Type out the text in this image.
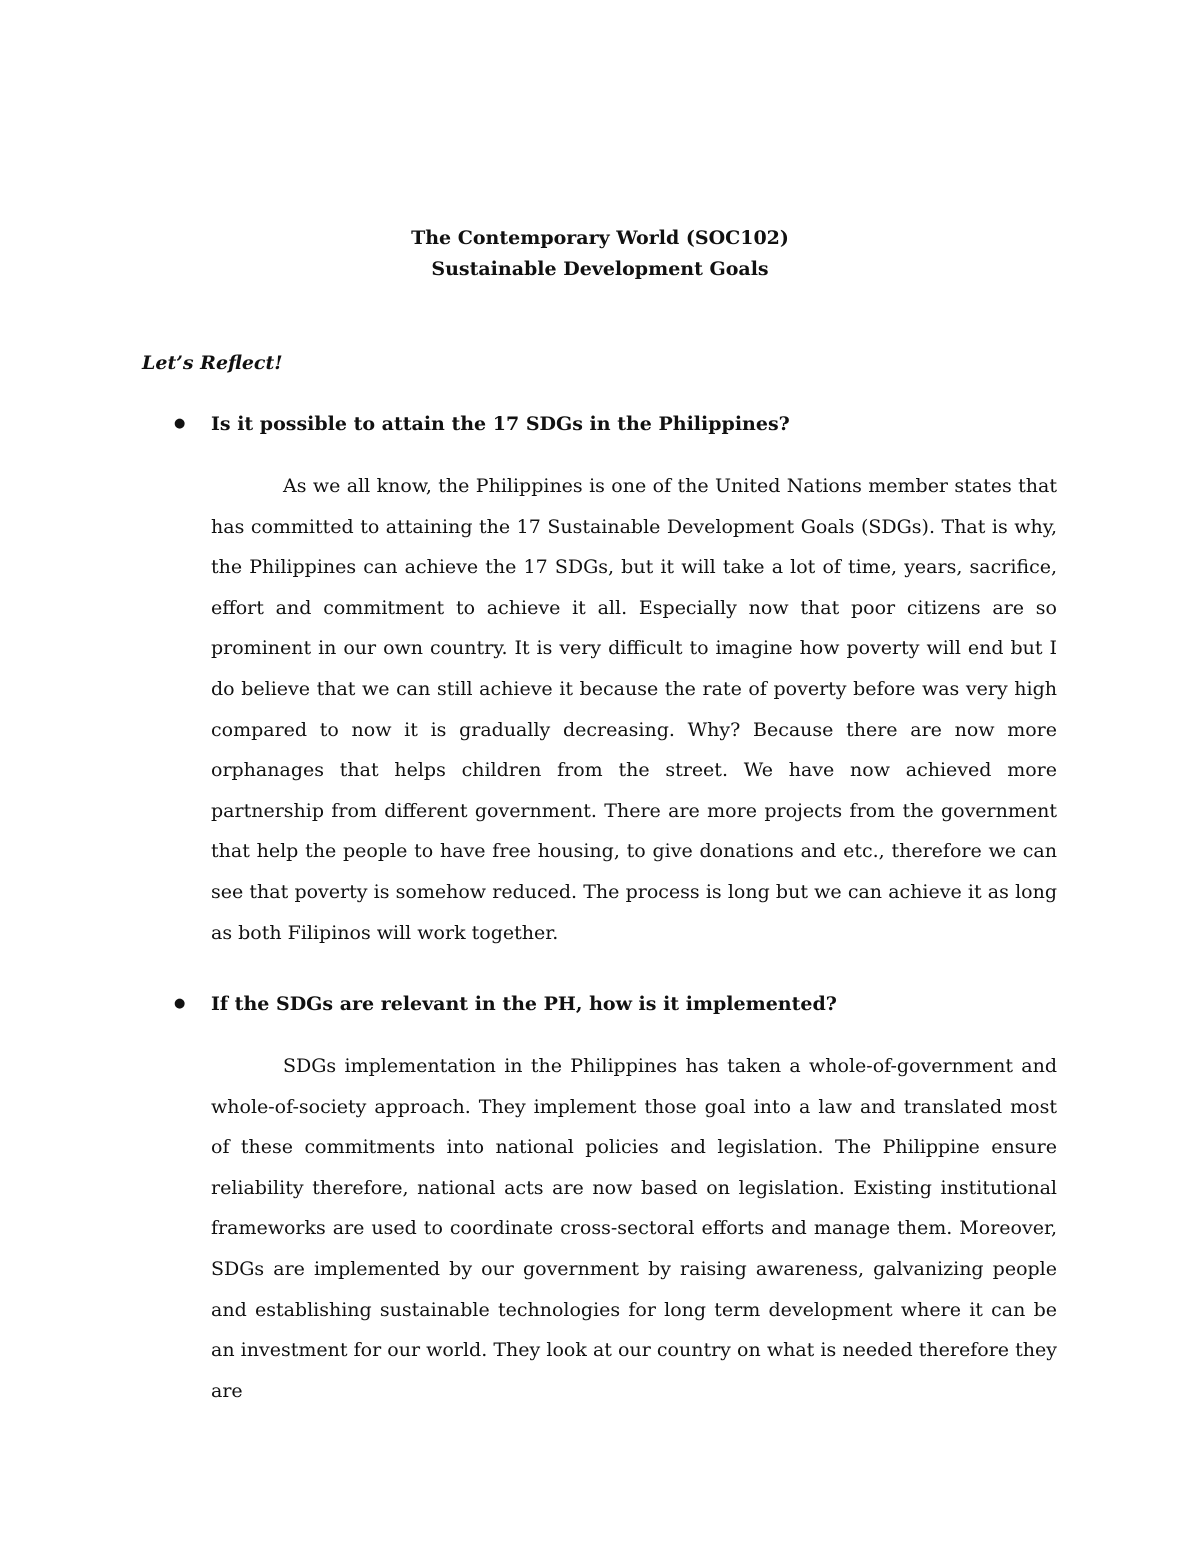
The Contemporary World (SOC102)
Sustainable Development Goals
Let’s Reflect!
● Is it possible to attain the 17 SDGs in the Philippines?

As we all know, the Philippines is one of the United Nations member states that has committed to attaining the 17 Sustainable Development Goals (SDGs). That is why, the Philippines can achieve the 17 SDGs, but it will take a lot of time, years, sacrifice, effort and commitment to achieve it all. Especially now that poor citizens are so prominent in our own country. It is very difficult to imagine how poverty will end but I do believe that we can still achieve it because the rate of poverty before was very high compared to now it is gradually decreasing. Why? Because there are now more orphanages that helps children from the street. We have now achieved more partnership from different government. There are more projects from the government that help the people to have free housing, to give donations and etc., therefore we can see that poverty is somehow reduced. The process is long but we can achieve it as long as both Filipinos will work together.

● If the SDGs are relevant in the PH, how is it implemented?

SDGs implementation in the Philippines has taken a whole-of-government and whole-of-society approach. They implement those goal into a law and translated most of these commitments into national policies and legislation. The Philippine ensure reliability therefore, national acts are now based on legislation. Existing institutional frameworks are used to coordinate cross-sectoral efforts and manage them. Moreover, SDGs are implemented by our government by raising awareness, galvanizing people and establishing sustainable technologies for long term development where it can be an investment for our world. They look at our country on what is needed therefore they are
